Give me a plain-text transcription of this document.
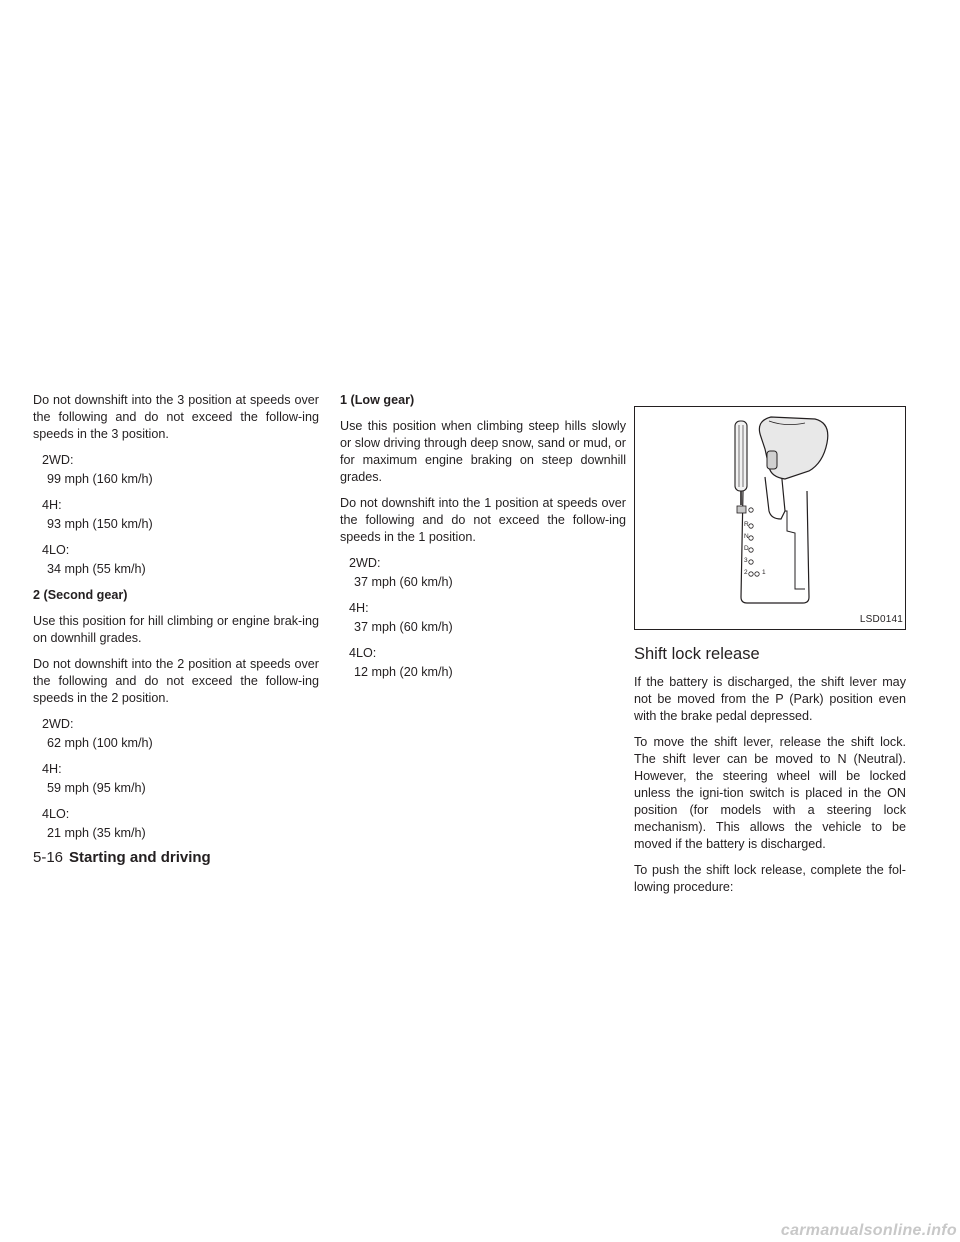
Do not downshift into the 3 position at speeds over the following and do not exceed the follow-ing speeds in the 3 position.

2WD:
99 mph (160 km/h)
4H:
93 mph (150 km/h)
4LO:
34 mph (55 km/h)
2 (Second gear)

Use this position for hill climbing or engine brak-ing on downhill grades.

Do not downshift into the 2 position at speeds over the following and do not exceed the follow-ing speeds in the 2 position.

2WD:
62 mph (100 km/h)
4H:
59 mph (95 km/h)
4LO:
21 mph (35 km/h)
1 (Low gear)

Use this position when climbing steep hills slowly or slow driving through deep snow, sand or mud, or for maximum engine braking on steep downhill grades.

Do not downshift into the 1 position at speeds over the following and do not exceed the follow-ing speeds in the 1 position.

2WD:
37 mph (60 km/h)
4H:
37 mph (60 km/h)
4LO:
12 mph (20 km/h)
R
N
D
3
2 1
LSD0141
Shift lock release

If the battery is discharged, the shift lever may not be moved from the P (Park) position even with the brake pedal depressed.

To move the shift lever, release the shift lock. The shift lever can be moved to N (Neutral). However, the steering wheel will be locked unless the igni-tion switch is placed in the ON position (for models with a steering lock mechanism). This allows the vehicle to be moved if the battery is discharged.

To push the shift lock release, complete the fol-lowing procedure:

5-16 Starting and driving
carmanualsonline.info
